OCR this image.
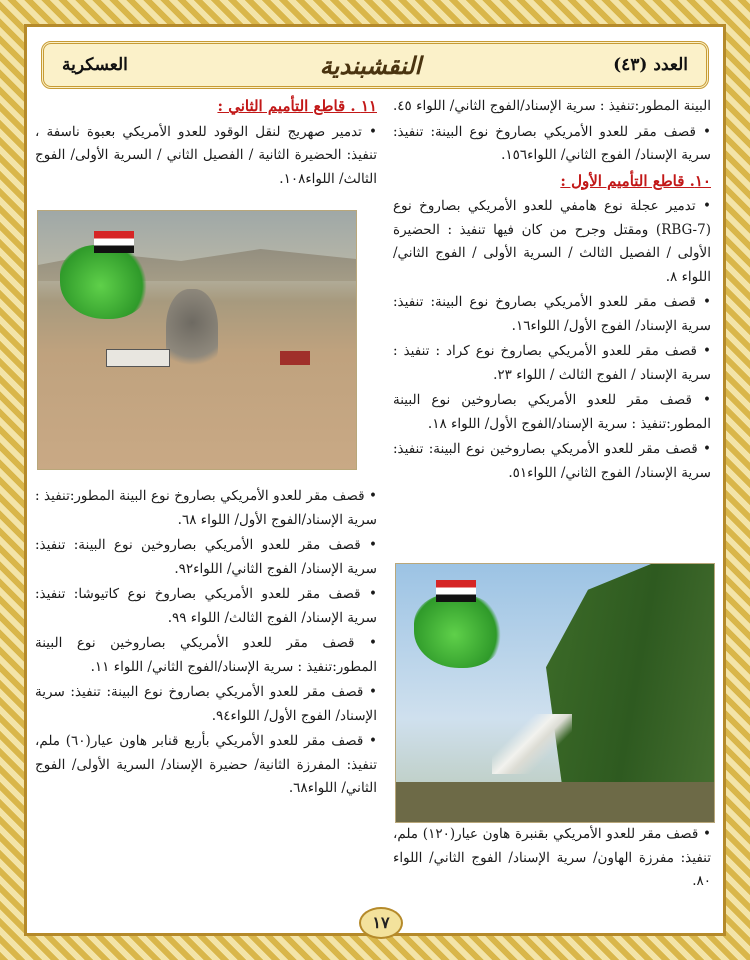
العسكرية	النقشبندية	العدد (٤٣)

البينة المطور:تنفيذ : سرية الإسناد/الفوج الثاني/ اللواء ٤٥.

• قصف مقر للعدو الأمريكي بصاروخ نوع البينة: تنفيذ: سرية الإسناد/ الفوج الثاني/ اللواء١٥٦.

١٠. قاطع التأميم الأول :

• تدمير عجلة نوع هامفي للعدو الأمريكي بصاروخ نوع (RBG-7) ومقتل وجرح من كان فيها تنفيذ : الحضيرة الأولى / الفصيل الثالث / السرية الأولى / الفوج الثاني/ اللواء ٨.

• قصف مقر للعدو الأمريكي بصاروخ نوع البينة: تنفيذ: سرية الإسناد/ الفوج الأول/ اللواء١٦.

• قصف مقر للعدو الأمريكي بصاروخ نوع كراد : تنفيذ : سرية الإسناد / الفوج الثالث / اللواء ٢٣.

• قصف مقر للعدو الأمريكي بصاروخين نوع البينة المطور:تنفيذ : سرية الإسناد/الفوج الأول/ اللواء ١٨.

• قصف مقر للعدو الأمريكي بصاروخين نوع البينة: تنفيذ: سرية الإسناد/ الفوج الثاني/ اللواء٥١.

• قصف مقر للعدو الأمريكي بقنبرة هاون عيار(١٢٠) ملم، تنفيذ: مفرزة الهاون/ سرية الإسناد/ الفوج الثاني/ اللواء ٨٠.

١١ . قاطع التأميم الثاني :

• تدمير صهريج لنقل الوقود للعدو الأمريكي بعبوة ناسفة ، تنفيذ: الحضيرة الثانية / الفصيل الثاني / السرية الأولى/ الفوج الثالث/ اللواء١٠٨.

• قصف مقر للعدو الأمريكي بصاروخ نوع البينة المطور:تنفيذ : سرية الإسناد/الفوج الأول/ اللواء ٦٨.

• قصف مقر للعدو الأمريكي بصاروخين نوع البينة: تنفيذ: سرية الإسناد/ الفوج الثاني/ اللواء٩٢.

• قصف مقر للعدو الأمريكي بصاروخ نوع كاتيوشا: تنفيذ: سرية الإسناد/ الفوج الثالث/ اللواء ٩٩.

• قصف مقر للعدو الأمريكي بصاروخين نوع البينة المطور:تنفيذ : سرية الإسناد/الفوج الثاني/ اللواء ١١.

• قصف مقر للعدو الأمريكي بصاروخ نوع البينة: تنفيذ: سرية الإسناد/ الفوج الأول/ اللواء٩٤.

• قصف مقر للعدو الأمريكي بأربع قنابر هاون عيار(٦٠) ملم، تنفيذ: المفرزة الثانية/ حضيرة الإسناد/ السرية الأولى/ الفوج الثاني/ اللواء٦٨.

١٧
